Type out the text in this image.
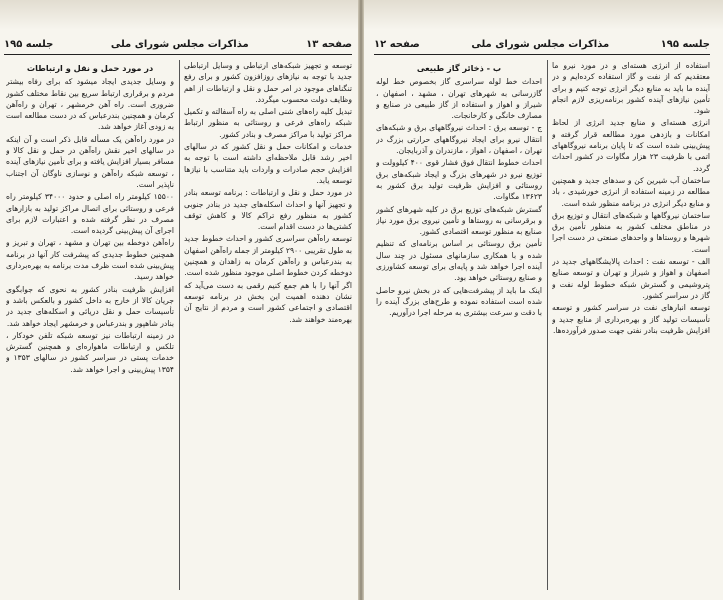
صفحه ۱۳
مذاکرات مجلس شورای ملی
جلسه ۱۹۵

توسعه و تجهیز شبکه‌های ارتباطی و وسایل ارتباطی جدید با توجه به نیازهای روزافزون کشور و برای رفع تنگناهای موجود در امر حمل و نقل و ارتباطات از اهم وظایف دولت محسوب میگردد.

تبدیل کلیه راه‌های شنی اصلی به راه آسفالته و تکمیل شبکه راه‌های فرعی و روستائی به منظور ارتباط مراکز تولید با مراکز مصرف و بنادر کشور.

خدمات و امکانات حمل و نقل کشور که در سالهای اخیر رشد قابل ملاحظه‌ای داشته است با توجه به افزایش حجم صادرات و واردات باید متناسب با نیازها توسعه یابد.

در مورد حمل و نقل و ارتباطات : برنامه توسعه بنادر و تجهیز آنها و احداث اسکله‌های جدید در بنادر جنوبی کشور به منظور رفع تراکم کالا و کاهش توقف کشتی‌ها در دست اقدام است.

توسعه راه‌آهن سراسری کشور و احداث خطوط جدید به طول تقریبی ۲۹۰۰ کیلومتر از جمله راه‌آهن اصفهان به بندرعباس و راه‌آهن کرمان به زاهدان و همچنین دوخطه کردن خطوط اصلی موجود منظور شده است.

اگر آنها را با هم جمع کنیم رقمی به دست می‌آید که نشان دهنده اهمیت این بخش در برنامه توسعه اقتصادی و اجتماعی کشور است و مردم از نتایج آن بهره‌مند خواهند شد.

در مورد حمل و نقل و ارتباطات

و وسایل جدیدی ایجاد میشود که برای رفاه بیشتر مردم و برقراری ارتباط سریع بین نقاط مختلف کشور ضروری است. راه آهن خرمشهر ، تهران و راه‌آهن کرمان و همچنین بندرعباس که در دست مطالعه است به زودی آغاز خواهد شد.

در مورد راه‌آهن یک مسأله قابل ذکر است و آن اینکه در سالهای اخیر نقش راه‌آهن در حمل و نقل کالا و مسافر بسیار افزایش یافته و برای تأمین نیازهای آینده ، توسعه شبکه راه‌آهن و نوسازی ناوگان آن اجتناب ناپذیر است.

۱۵۵۰۰ کیلومتر راه اصلی و حدود ۳۴۰۰۰ کیلومتر راه فرعی و روستائی برای اتصال مراکز تولید به بازارهای مصرف در نظر گرفته شده و اعتبارات لازم برای اجرای آن پیش‌بینی گردیده است.

راه‌آهن دوخطه بین تهران و مشهد ، تهران و تبریز و همچنین خطوط جدیدی که پیشرفت کار آنها در برنامه پیش‌بینی شده است ظرف مدت برنامه به بهره‌برداری خواهد رسید.

افزایش ظرفیت بنادر کشور به نحوی که جوابگوی جریان کالا از خارج به داخل کشور و بالعکس باشد و تأسیسات حمل و نقل دریائی و اسکله‌های جدید در بنادر شاهپور و بندرعباس و خرمشهر ایجاد خواهد شد.

در زمینه ارتباطات نیز توسعه شبکه تلفن خودکار ، تلکس و ارتباطات ماهواره‌ای و همچنین گسترش خدمات پستی در سراسر کشور در سالهای ۱۳۵۳ و ۱۳۵۴ پیش‌بینی و اجرا خواهد شد.

جلسه ۱۹۵
مذاکرات مجلس شورای ملی
صفحه ۱۲

استفاده از انرژی هسته‌ای و در مورد نیرو ما معتقدیم که از نفت و گاز استفاده کرده‌ایم و در آینده ما باید به منابع دیگر انرژی توجه کنیم و برای تأمین نیازهای آینده کشور برنامه‌ریزی لازم انجام شود.

انرژی هسته‌ای و منابع جدید انرژی از لحاظ امکانات و بازدهی مورد مطالعه قرار گرفته و پیش‌بینی شده است که تا پایان برنامه نیروگاههای اتمی با ظرفیت ۲۳ هزار مگاوات در کشور احداث گردد.

ساختمان آب شیرین کن و سدهای جدید و همچنین مطالعه در زمینه استفاده از انرژی خورشیدی ، باد و منابع دیگر انرژی در برنامه منظور شده است.

ساختمان نیروگاهها و شبکه‌های انتقال و توزیع برق در مناطق مختلف کشور به منظور تأمین برق شهرها و روستاها و واحدهای صنعتی در دست اجرا است.

الف - توسعه نفت : احداث پالایشگاههای جدید در اصفهان و اهواز و شیراز و تهران و توسعه صنایع پتروشیمی و گسترش شبکه خطوط لوله نفت و گاز در سراسر کشور.

توسعه انبارهای نفت در سراسر کشور و توسعه تأسیسات تولید گاز و بهره‌برداری از منابع جدید و افزایش ظرفیت بنادر نفتی جهت صدور فرآورده‌ها.

ب - ذخائر گاز طبیعی

احداث خط لوله سراسری گاز بخصوص خط لوله گازرسانی به شهرهای تهران ، مشهد ، اصفهان ، شیراز و اهواز و استفاده از گاز طبیعی در صنایع و مصارف خانگی و کارخانجات.

ج - توسعه برق : احداث نیروگاههای برق و شبکه‌های انتقال نیرو برای ایجاد نیروگاههای حرارتی بزرگ در تهران ، اصفهان ، اهواز ، مازندران و آذربایجان.

احداث خطوط انتقال فوق فشار قوی ۴۰۰ کیلوولت و توزیع نیرو در شهرهای بزرگ و ایجاد شبکه‌های برق روستائی و افزایش ظرفیت تولید برق کشور به ۱۳۶۲۳ مگاوات.

گسترش شبکه‌های توزیع برق در کلیه شهرهای کشور و برقرسانی به روستاها و تأمین نیروی برق مورد نیاز صنایع به منظور توسعه اقتصادی کشور.

تأمین برق روستائی بر اساس برنامه‌ای که تنظیم شده و با همکاری سازمانهای مسئول در چند سال آینده اجرا خواهد شد و پایه‌ای برای توسعه کشاورزی و صنایع روستائی خواهد بود.

اینک ما باید از پیشرفت‌هایی که در بخش نیرو حاصل شده است استفاده نموده و طرح‌های بزرگ آینده را با دقت و سرعت بیشتری به مرحله اجرا درآوریم.
